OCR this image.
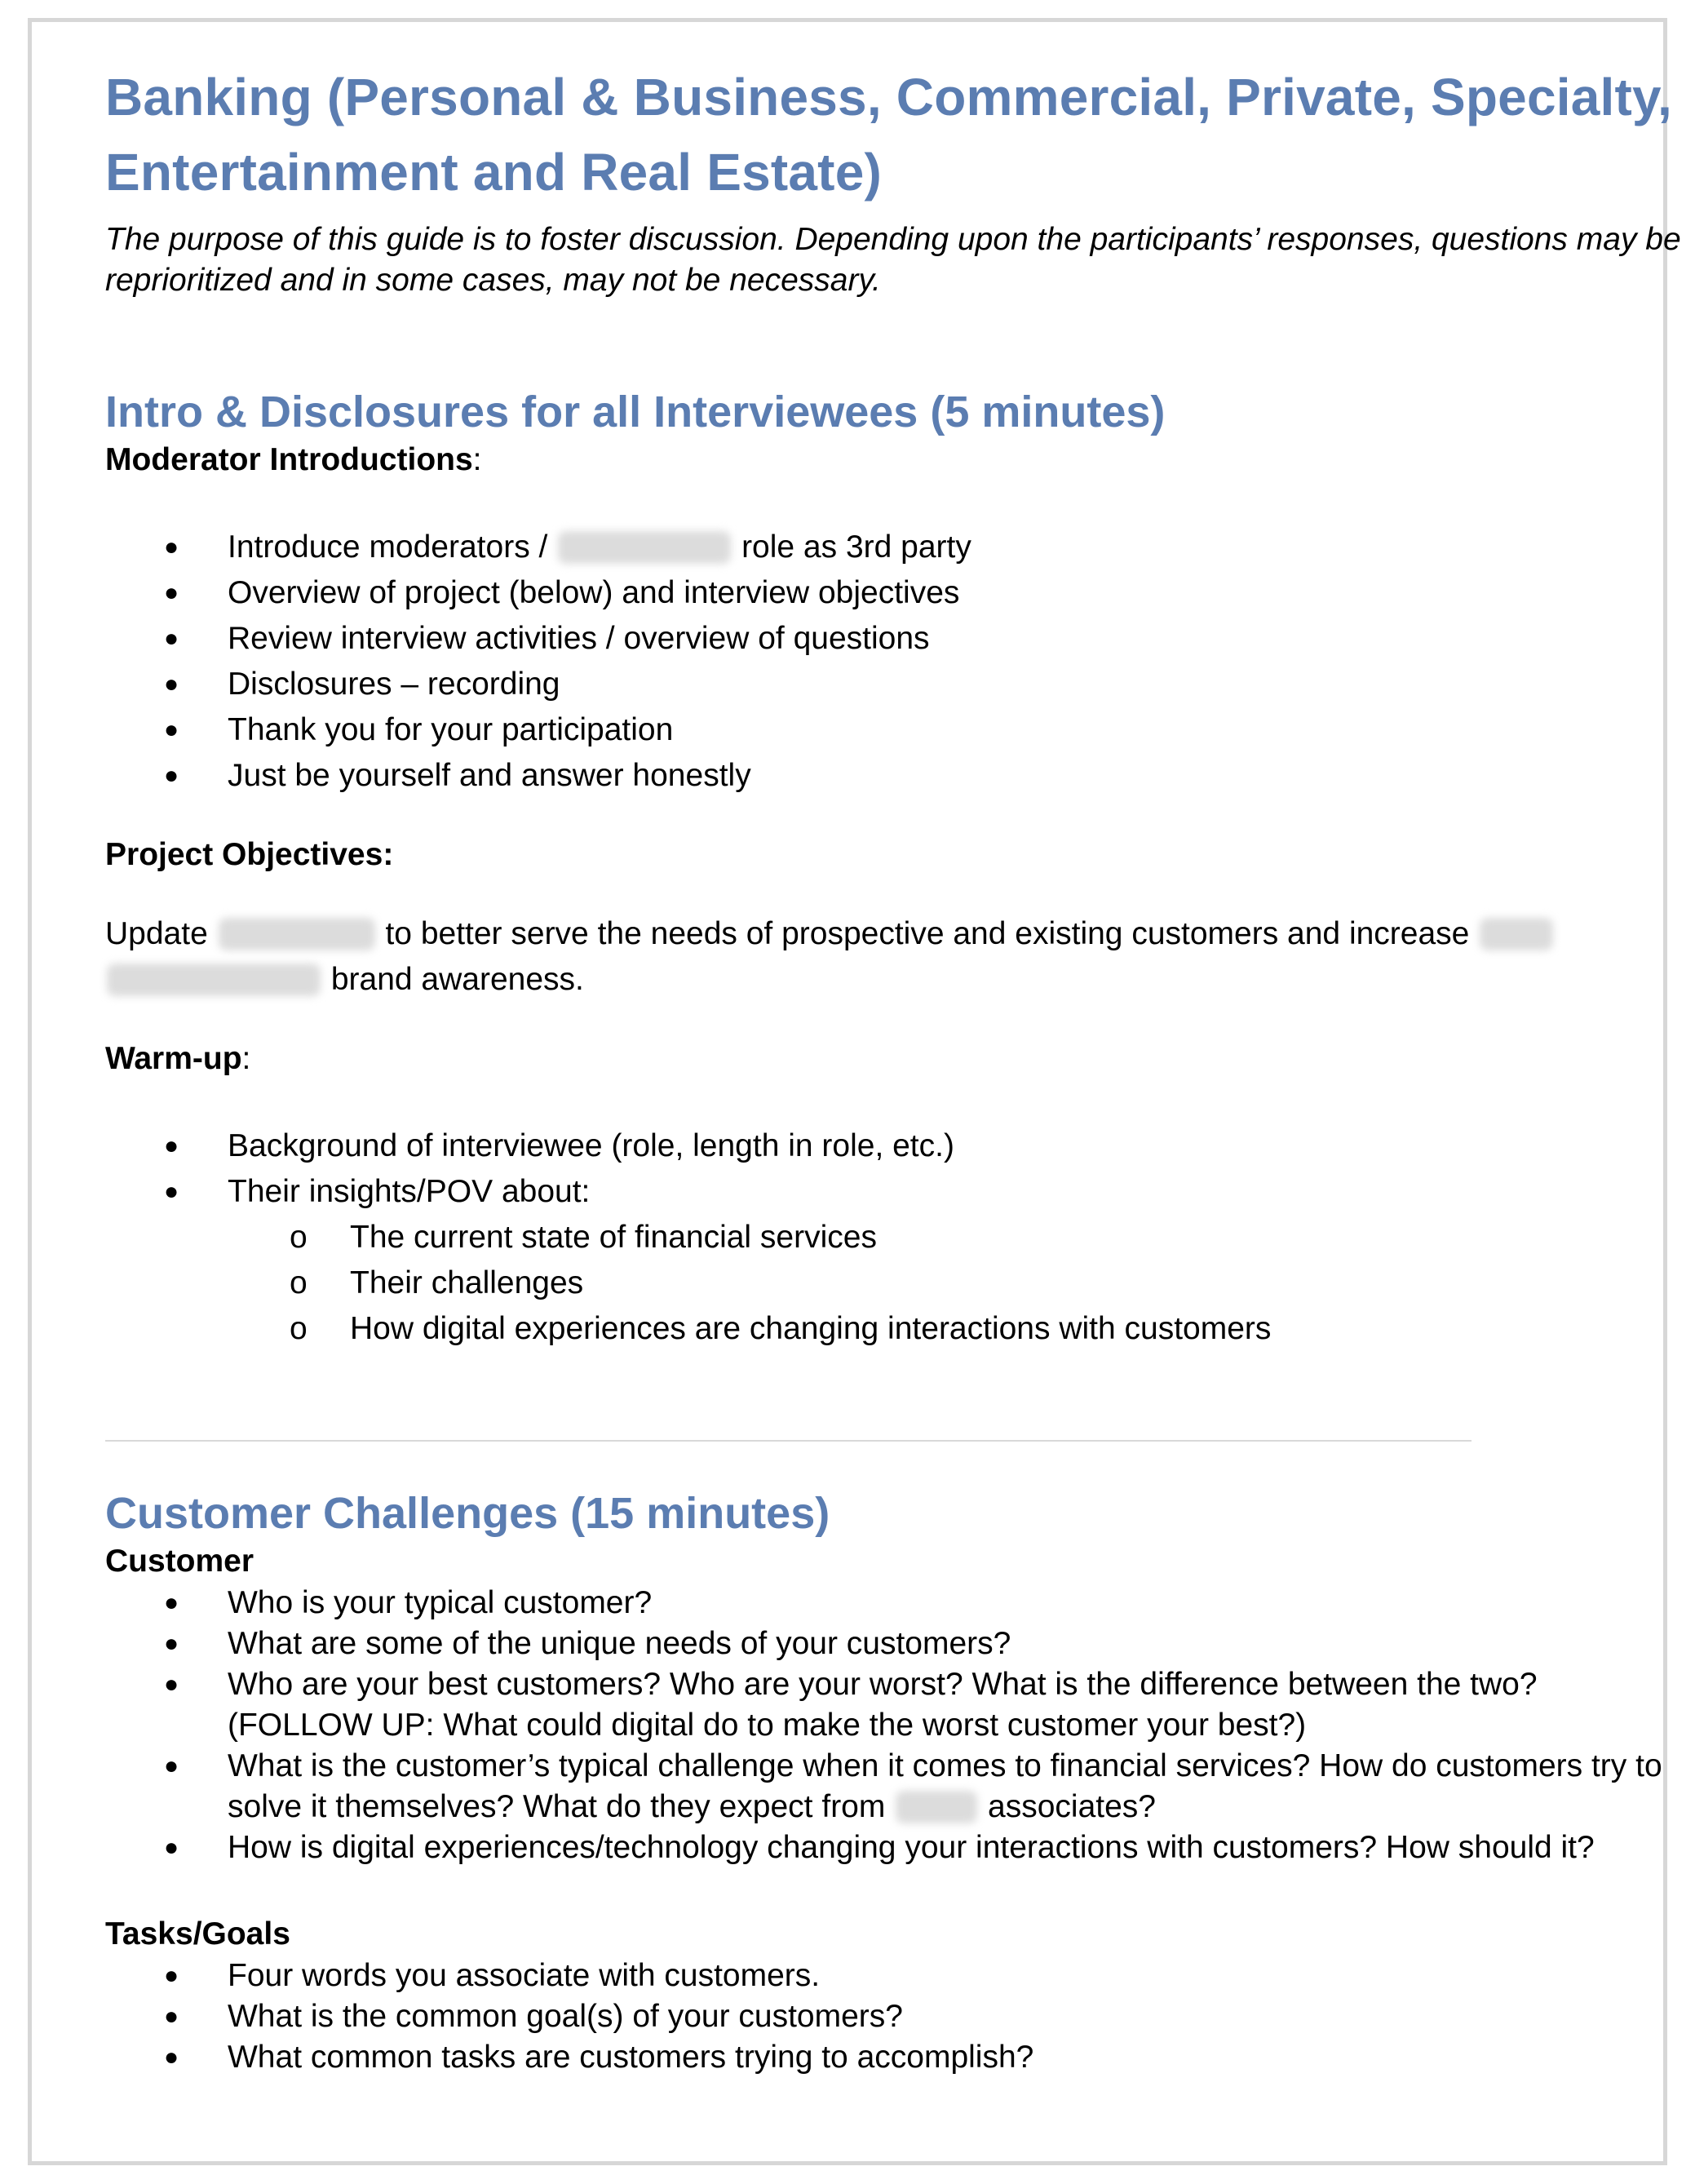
Banking (Personal & Business, Commercial, Private, Specialty, Entertainment and Real Estate)

The purpose of this guide is to foster discussion. Depending upon the participants’ responses, questions may be reprioritized and in some cases, may not be necessary.

Intro & Disclosures for all Interviewees (5 minutes)

Moderator Introductions:

● Introduce moderators /	role as 3rd party
● Overview of project (below) and interview objectives
● Review interview activities / overview of questions
● Disclosures – recording
● Thank you for your participation
● Just be yourself and answer honestly

Project Objectives:

Update	to better serve the needs of prospective and existing customers and increase
brand awareness.

Warm-up:

● Background of interviewee (role, length in role, etc.)
● Their insights/POV about:
o The current state of financial services
o Their challenges
o How digital experiences are changing interactions with customers
Customer Challenges (15 minutes)

Customer

● Who is your typical customer?
● What are some of the unique needs of your customers?
● Who are your best customers? Who are your worst? What is the difference between the two? (FOLLOW UP: What could digital do to make the worst customer your best?)
● What is the customer’s typical challenge when it comes to financial services? How do customers try to solve it themselves? What do they expect from	associates?
● How is digital experiences/technology changing your interactions with customers? How should it?

Tasks/Goals

● Four words you associate with customers.
● What is the common goal(s) of your customers?
● What common tasks are customers trying to accomplish?
